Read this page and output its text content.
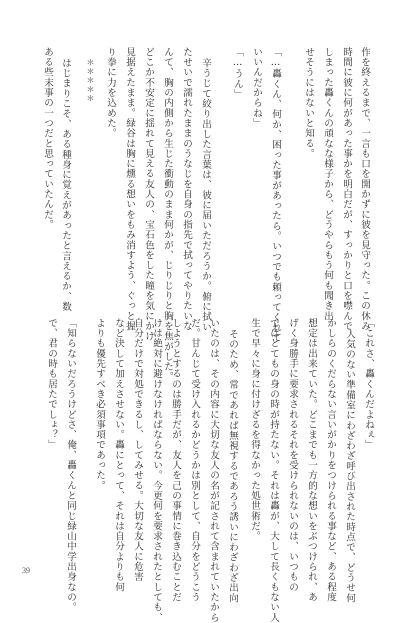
作を終えるまで、一言も口を開かずに彼を見守った。この休み
時間に彼に何があった事かを明白だが、すっかりと口を噤んで
しまった轟くんの頑なな様子から、どうやらもう何も聞き出
せそうにはないと知る。
「…轟くん、何か、困った事があったら。いつでも頼ってくれて
いいんだからね」
「…うん」
辛うじて絞り出した言葉は、彼に届いただろうか。俯に拭い
たせいで濡れたままのうなじを自身の指先で拭ってやりたいな
んて、胸の内側から生じた衝動のまま何かが、じりじりと胸を焦がした。
どこか不安定に揺れて見える友人の、宝石色をした瞳を気にかけ
見据えたまま。緑谷は胸に燻る想いをもみ消すよう、ぐっと握
り拳に力を込めた。
＊＊＊＊＊
はじまりこそ、ある種身に覚えがあったと言えるか、数
ある些末事の一つだと思っていたんだ。
「これさ、轟くんだよねぇ」
人気のない準備室にわざわざ呼び出された時点で、どうせ何
かしらのくだらない言いがかりをつけられる事など、ある程度
想定は出来ていた。どこまでも一方的な想いをぶつけられ、あ
げく身勝手に要求されるそれを受けられないのは、いつもの
ではとてもの身の時が持たない。それは轟が、大して長くもない人
生で早々に身に付けざるを得なかった処世術だ。
そのため、常であれば無視するであろう誘いにわざわざ出向
いたのは、その内容に大切な友人の名が記されて含まれていたから
だ。甘んじて受け入れるかどうかは別として、自分をどうこう
しようとするのは勝手だが、友人を己の事情に巻き込むことだ
けは絶対に避けなければならない。今更何を要求されたとしても、
自分だけで対処できるし、してみせる。大切な友人に危害
など決して加えさせない。轟にとって、それは自分よりも何
よりも優先すべき必須事項であった。
「知らないだろうけどさ、俺、轟くんと同じ緑山中学出身なの。
で、君の時も居たでしょ？」
39
